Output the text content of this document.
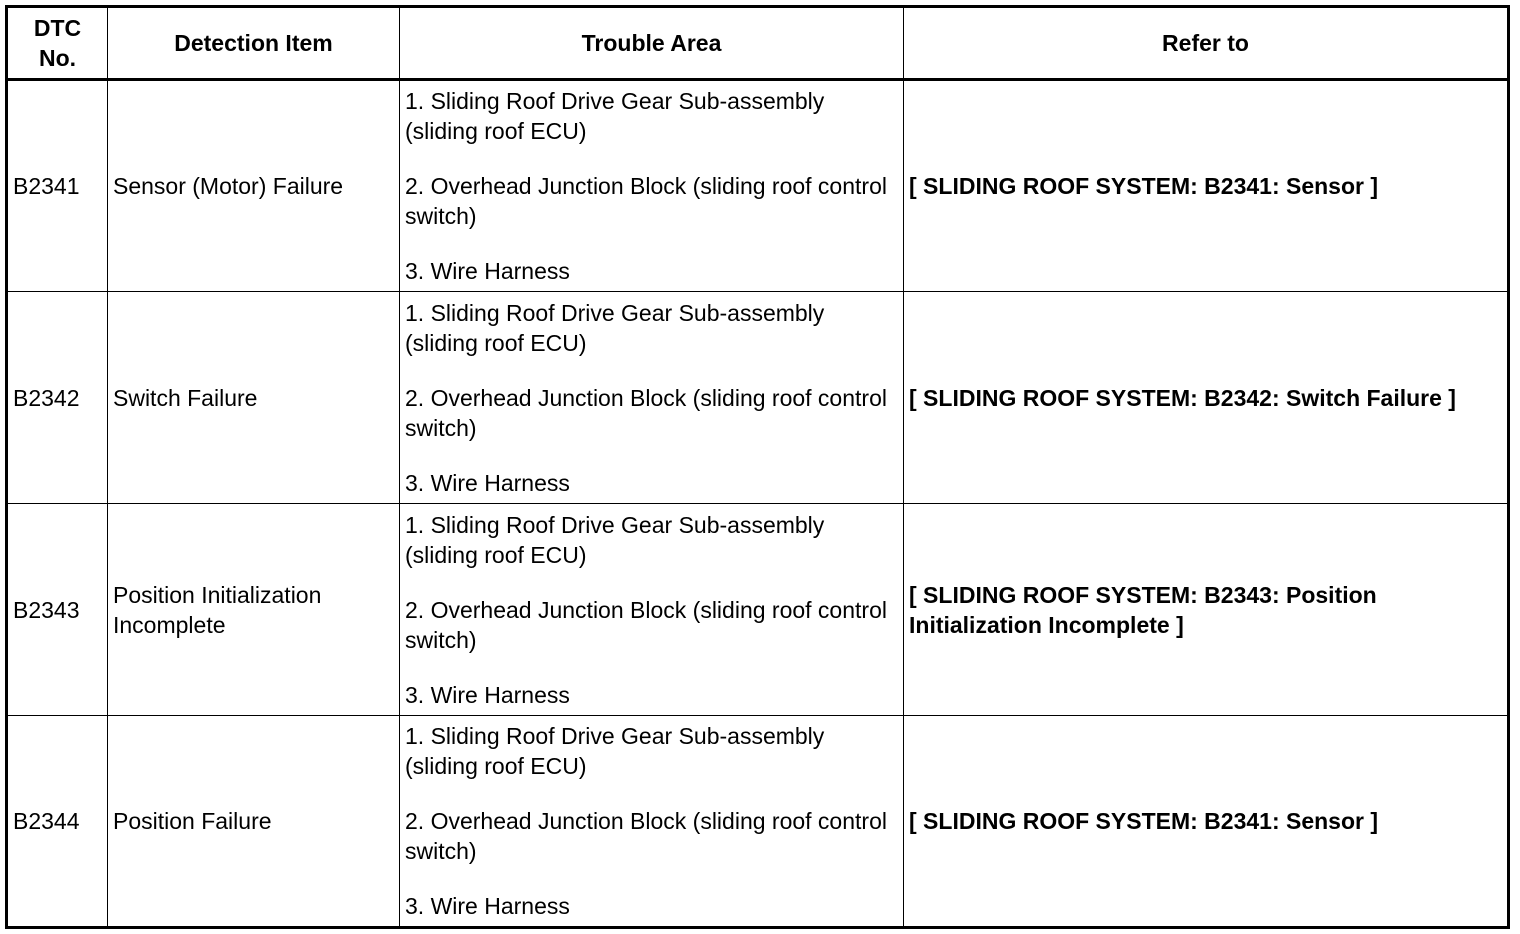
DTC
No.	Detection Item	Trouble Area	Refer to
B2341	Sensor (Motor) Failure	1. Sliding Roof Drive Gear Sub-assembly (sliding roof ECU)

2. Overhead Junction Block (sliding roof control switch)

3. Wire Harness	[ SLIDING ROOF SYSTEM: B2341: Sensor ]
B2342	Switch Failure	1. Sliding Roof Drive Gear Sub-assembly (sliding roof ECU)

2. Overhead Junction Block (sliding roof control switch)

3. Wire Harness	[ SLIDING ROOF SYSTEM: B2342: Switch Failure ]
B2343	Position Initialization Incomplete	1. Sliding Roof Drive Gear Sub-assembly (sliding roof ECU)

2. Overhead Junction Block (sliding roof control switch)

3. Wire Harness	[ SLIDING ROOF SYSTEM: B2343: Position Initialization Incomplete ]
B2344	Position Failure	1. Sliding Roof Drive Gear Sub-assembly (sliding roof ECU)

2. Overhead Junction Block (sliding roof control switch)

3. Wire Harness	[ SLIDING ROOF SYSTEM: B2341: Sensor ]
